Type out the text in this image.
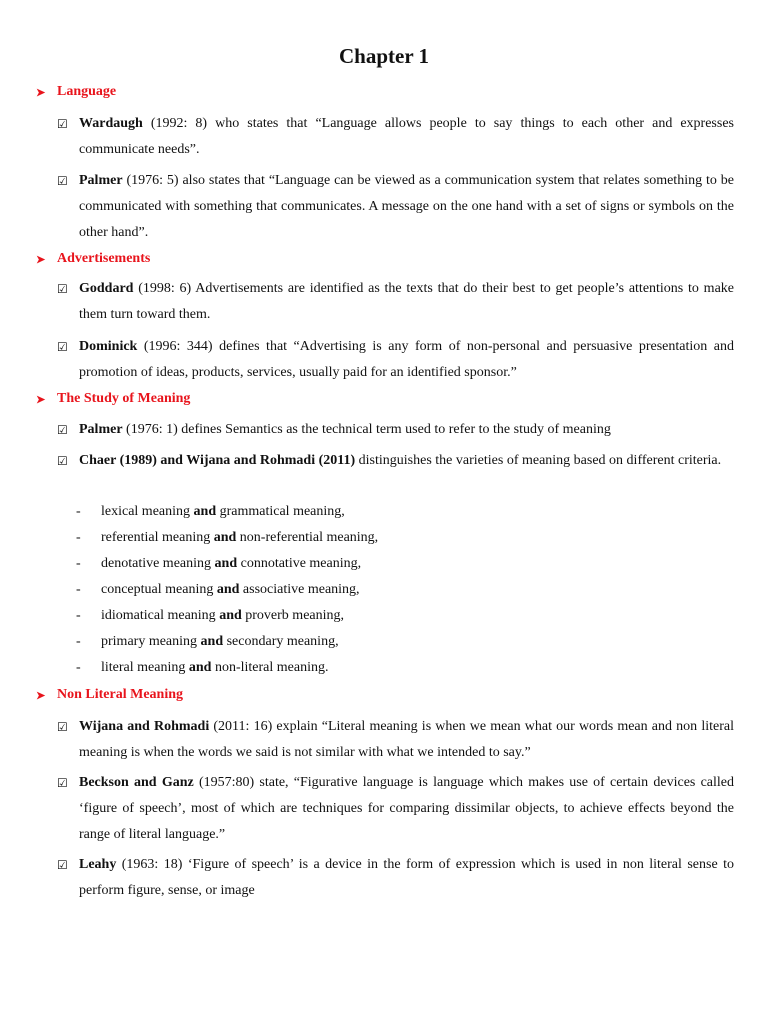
Chapter 1
➤ Language
☑ Wardaugh (1992: 8) who states that “Language allows people to say things to each other and expresses communicate needs”.
☑ Palmer (1976: 5) also states that “Language can be viewed as a communication system that relates something to be communicated with something that communicates. A message on the one hand with a set of signs or symbols on the other hand”.
➤ Advertisements
☑ Goddard (1998: 6) Advertisements are identified as the texts that do their best to get people’s attentions to make them turn toward them.
☑ Dominick (1996: 344) defines that “Advertising is any form of non-personal and persuasive presentation and promotion of ideas, products, services, usually paid for an identified sponsor.”
➤ The Study of Meaning
☑ Palmer (1976: 1) defines Semantics as the technical term used to refer to the study of meaning
☑ Chaer (1989) and Wijana and Rohmadi (2011) distinguishes the varieties of meaning based on different criteria.
- lexical meaning and grammatical meaning,
- referential meaning and non-referential meaning,
- denotative meaning and connotative meaning,
- conceptual meaning and associative meaning,
- idiomatical meaning and proverb meaning,
- primary meaning and secondary meaning,
- literal meaning and non-literal meaning.
➤ Non Literal Meaning
☑ Wijana and Rohmadi (2011: 16) explain “Literal meaning is when we mean what our words mean and non literal meaning is when the words we said is not similar with what we intended to say.”
☑ Beckson and Ganz (1957:80) state, “Figurative language is language which makes use of certain devices called ‘figure of speech’, most of which are techniques for comparing dissimilar objects, to achieve effects beyond the range of literal language.”
☑ Leahy (1963: 18) ‘Figure of speech’ is a device in the form of expression which is used in non literal sense to perform figure, sense, or image
